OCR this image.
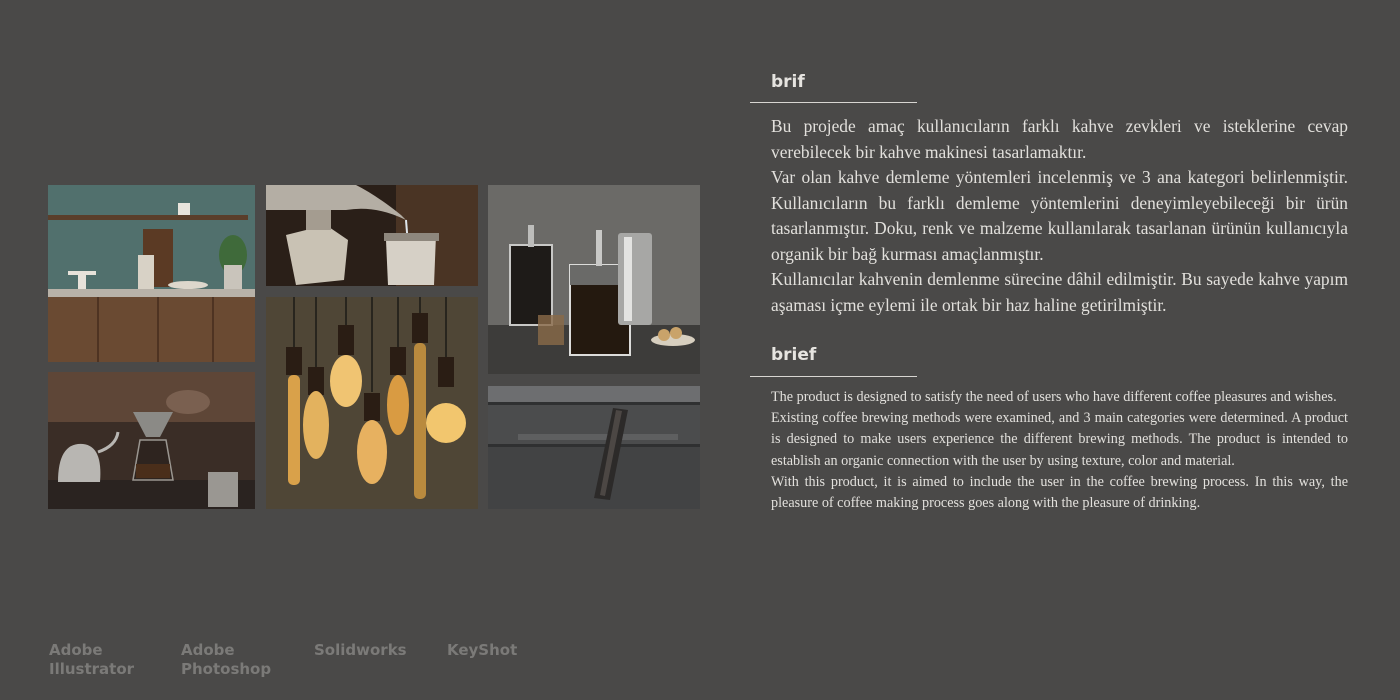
brif

Bu projede amaç kullanıcıların farklı kahve zevkleri ve isteklerine cevap verebilecek bir kahve makinesi tasarlamaktır.

Var olan kahve demleme yöntemleri incelenmiş ve 3 ana kategori belirlenmiştir. Kullanıcıların bu farklı demleme yöntemlerini deneyimleyebileceği bir ürün tasarlanmıştır. Doku, renk ve malzeme kullanılarak tasarlanan ürünün kullanıcıyla organik bir bağ kurması amaçlanmıştır.

Kullanıcılar kahvenin demlenme sürecine dâhil edilmiştir. Bu sayede kahve yapım aşaması içme eylemi ile ortak bir haz haline getirilmiştir.

brief

The product is designed to satisfy the need of users who have different coffee pleasures and wishes.

Existing coffee brewing methods were examined, and 3 main categories were determined. A product is designed to make users experience the different brewing methods. The product is intended to establish an organic connection with the user by using texture, color and material.

With this product, it is aimed to include the user in the coffee brewing process. In this way, the pleasure of coffee making process goes along with the pleasure of drinking.

Adobe
Illustrator
Adobe
Photoshop
Solidworks	KeyShot
